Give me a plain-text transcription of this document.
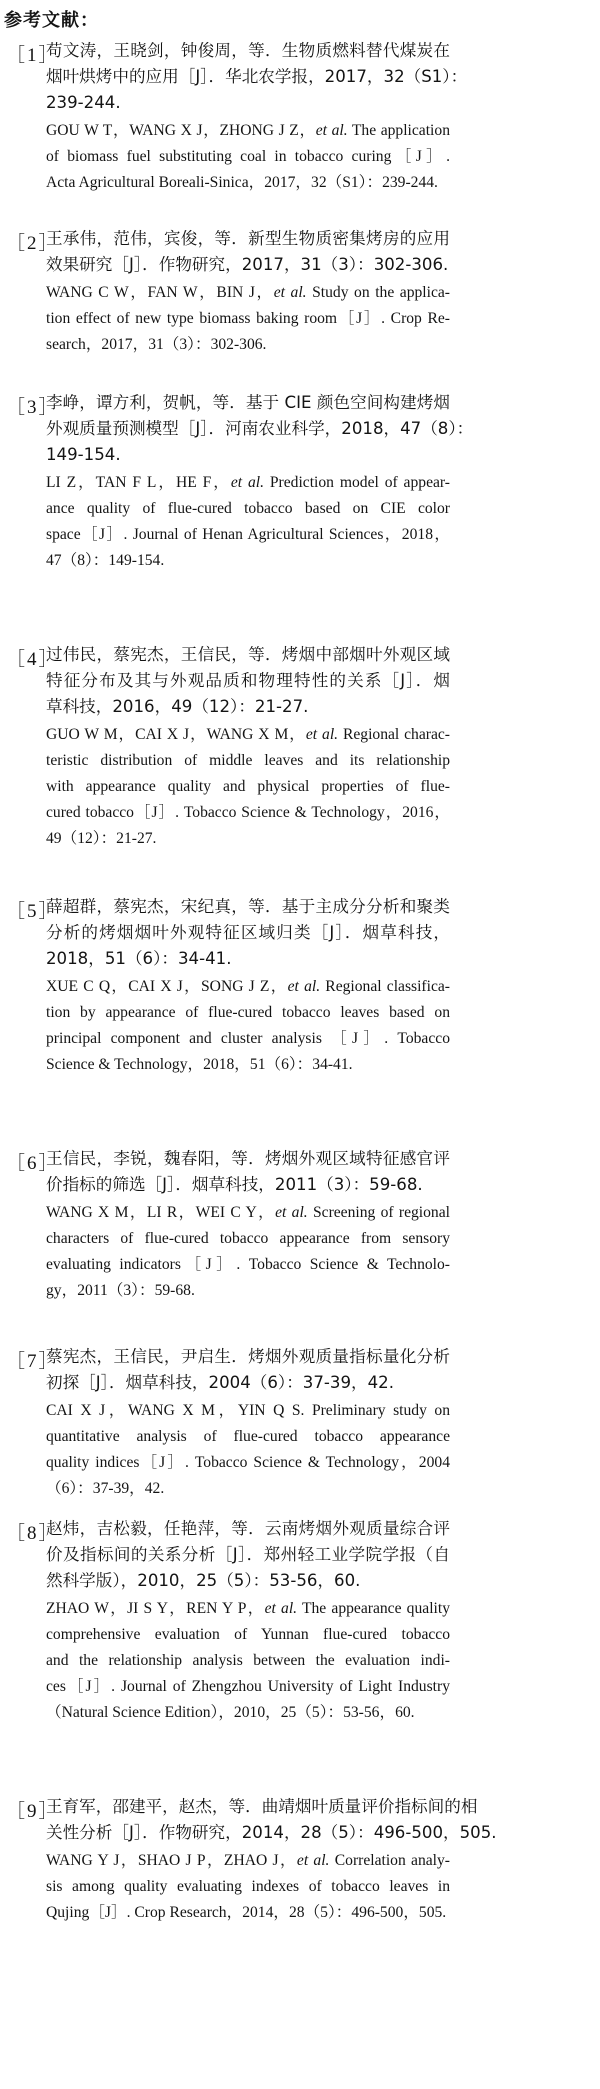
参考文献：
［1］
苟文涛，王晓剑，钟俊周，等．生物质燃料替代煤炭在
烟叶烘烤中的应用［J］．华北农学报，2017，32（S1）：
239-244.
GOU W T，WANG X J，ZHONG J Z，et al. The application
of biomass fuel substituting coal in tobacco curing［J］.
Acta Agricultural Boreali-Sinica，2017，32（S1）：239-244.
［2］
王承伟，范伟，宾俊，等．新型生物质密集烤房的应用
效果研究［J］．作物研究，2017，31（3）：302-306.
WANG C W，FAN W，BIN J，et al. Study on the applica-
tion effect of new type biomass baking room［J］. Crop Re-
search，2017，31（3）：302-306.
［3］
李峥，谭方利，贺帆，等．基于 CIE 颜色空间构建烤烟
外观质量预测模型［J］．河南农业科学，2018，47（8）：
149-154.
LI Z，TAN F L，HE F，et al. Prediction model of appear-
ance quality of flue-cured tobacco based on CIE color
space［J］. Journal of Henan Agricultural Sciences，2018，
47（8）：149-154.
［4］
过伟民，蔡宪杰，王信民，等．烤烟中部烟叶外观区域
特征分布及其与外观品质和物理特性的关系［J］．烟
草科技，2016，49（12）：21-27.
GUO W M，CAI X J，WANG X M，et al. Regional charac-
teristic distribution of middle leaves and its relationship
with appearance quality and physical properties of flue-
cured tobacco［J］. Tobacco Science & Technology，2016，
49（12）：21-27.
［5］
薛超群，蔡宪杰，宋纪真，等．基于主成分分析和聚类
分析的烤烟烟叶外观特征区域归类［J］．烟草科技，
2018，51（6）：34-41.
XUE C Q，CAI X J，SONG J Z，et al. Regional classifica-
tion by appearance of flue-cured tobacco leaves based on
principal component and cluster analysis ［J］. Tobacco
Science & Technology，2018，51（6）：34-41.
［6］
王信民，李锐，魏春阳，等．烤烟外观区域特征感官评
价指标的筛选［J］．烟草科技，2011（3）：59-68.
WANG X M，LI R，WEI C Y，et al. Screening of regional
characters of flue-cured tobacco appearance from sensory
evaluating indicators［J］. Tobacco Science & Technolo-
gy，2011（3）：59-68.
［7］
蔡宪杰，王信民，尹启生．烤烟外观质量指标量化分析
初探［J］．烟草科技，2004（6）：37-39，42.
CAI X J，WANG X M，YIN Q S. Preliminary study on
quantitative analysis of flue-cured tobacco appearance
quality indices［J］. Tobacco Science & Technology，2004
（6）：37-39，42.
［8］
赵炜，吉松毅，任艳萍，等．云南烤烟外观质量综合评
价及指标间的关系分析［J］．郑州轻工业学院学报（自
然科学版），2010，25（5）：53-56，60.
ZHAO W，JI S Y，REN Y P，et al. The appearance quality
comprehensive evaluation of Yunnan flue-cured tobacco
and the relationship analysis between the evaluation indi-
ces［J］. Journal of Zhengzhou University of Light Industry
（Natural Science Edition），2010，25（5）：53-56，60.
［9］
王育军，邵建平，赵杰，等．曲靖烟叶质量评价指标间的相
关性分析［J］．作物研究，2014，28（5）：496-500，505.
WANG Y J，SHAO J P，ZHAO J，et al. Correlation analy-
sis among quality evaluating indexes of tobacco leaves in
Qujing［J］. Crop Research，2014，28（5）：496-500，505.
